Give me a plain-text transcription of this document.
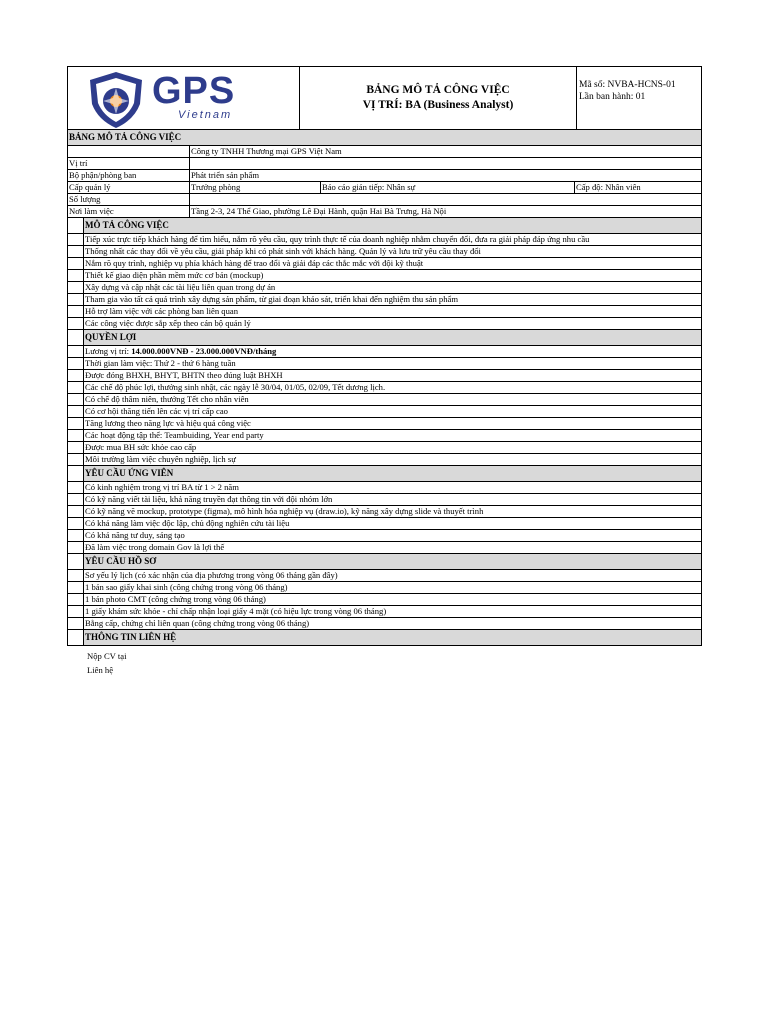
GPS
Vietnam
BẢNG MÔ TẢ CÔNG VIỆC
VỊ TRÍ: BA (Business Analyst)
Mã số: NVBA-HCNS-01
Lần ban hành: 01
BẢNG MÔ TẢ CÔNG VIỆC
Công ty TNHH Thương mại GPS Việt Nam
Vị trí
Bộ phận/phòng ban	Phát triển sản phẩm
Cấp quản lý	Trưởng phòng	Báo cáo gián tiếp: Nhân sự	Cấp độ: Nhân viên
Số lượng
Nơi làm việc	Tầng 2-3, 24 Thể Giao, phường Lê Đại Hành, quận Hai Bà Trưng, Hà Nội
MÔ TẢ CÔNG VIỆC
Tiếp xúc trực tiếp khách hàng để tìm hiểu, nắm rõ yêu cầu, quy trình thực tế của doanh nghiệp nhằm chuyển đổi, đưa ra giải pháp đáp ứng nhu cầu
Thống nhất các thay đổi về yêu cầu, giải pháp khi có phát sinh với khách hàng. Quản lý và lưu trữ yêu cầu thay đổi
Nắm rõ quy trình, nghiệp vụ phía khách hàng để trao đổi và giải đáp các thắc mắc với đội kỹ thuật
Thiết kế giao diện phần mềm mức cơ bản (mockup)
Xây dựng và cập nhật các tài liệu liên quan trong dự án
Tham gia vào tất cả quá trình xây dựng sản phẩm, từ giai đoạn khảo sát, triển khai đến nghiệm thu sản phẩm
Hỗ trợ làm việc với các phòng ban liên quan
Các công việc được sắp xếp theo cán bộ quản lý
QUYỀN LỢI
Lương vị trí: 14.000.000VNĐ - 23.000.000VNĐ/tháng
Thời gian làm việc: Thứ 2 - thứ 6 hàng tuần
Được đóng BHXH, BHYT, BHTN theo đúng luật BHXH
Các chế độ phúc lợi, thưởng sinh nhật, các ngày lễ 30/04, 01/05, 02/09, Tết dương lịch.
Có chế độ thâm niên, thưởng Tết cho nhân viên
Có cơ hội thăng tiến lên các vị trí cấp cao
Tăng lương theo năng lực và hiệu quả công việc
Các hoạt động tập thể: Teambuiding, Year end party
Được mua BH sức khỏe cao cấp
Môi trường làm việc chuyên nghiệp, lịch sự
YÊU CẦU ỨNG VIÊN
Có kinh nghiệm trong vị trí BA từ 1 > 2 năm
Có kỹ năng viết tài liệu, khả năng truyền đạt thông tin với đội nhóm lớn
Có kỹ năng vẽ mockup, prototype (figma), mô hình hóa nghiệp vụ (draw.io), kỹ năng xây dựng slide và thuyết trình
Có khả năng làm việc độc lập, chủ động nghiên cứu tài liệu
Có khả năng tư duy, sáng tạo
Đã làm việc trong domain Gov là lợi thế
YÊU CẦU HỒ SƠ
Sơ yếu lý lịch (có xác nhận của địa phương trong vòng 06 tháng gần đây)
1 bản sao giấy khai sinh (công chứng trong vòng 06 tháng)
1 bản photo CMT (công chứng trong vòng 06 tháng)
1 giấy khám sức khỏe - chỉ chấp nhận loại giấy 4 mặt (có hiệu lực trong vòng 06 tháng)
Bằng cấp, chứng chỉ liên quan (công chứng trong vòng 06 tháng)
THÔNG TIN LIÊN HỆ
Nộp CV tại
Liên hệ
